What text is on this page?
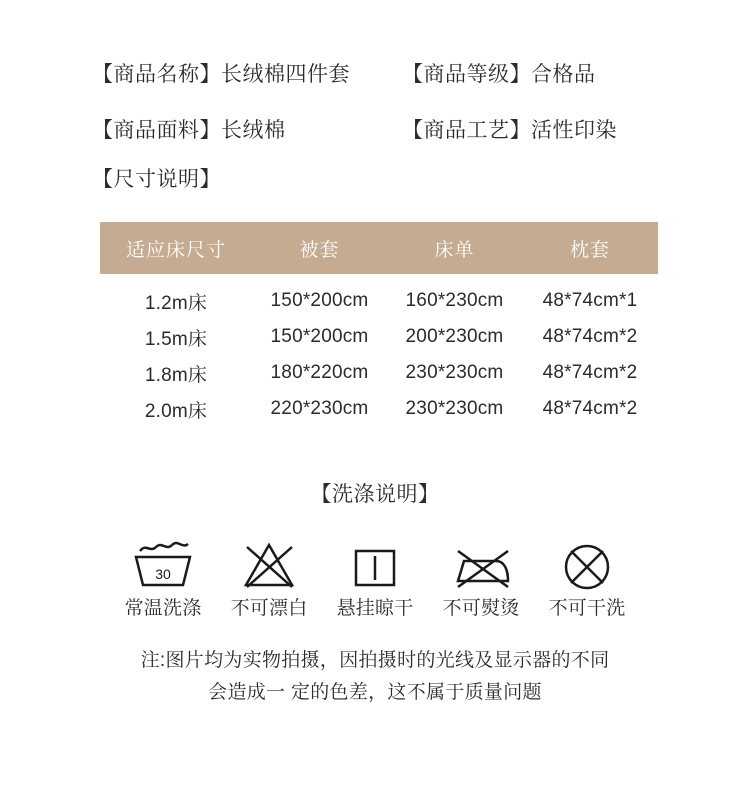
【商品名称】 长绒棉四件套 【商品等级】 合格品
【商品面料】 长绒棉	【商品工艺】 活性印染
【尺寸说明】
适应床尺寸	被套	床单	枕套
1.2m床	150*200cm	160*230cm	48*74cm*1
1.5m床	150*200cm	200*230cm	48*74cm*2
1.8m床	180*220cm	230*230cm	48*74cm*2
2.0m床	220*230cm	230*230cm	48*74cm*2
【洗涤说明】
30
常温洗涤 不可漂白 悬挂晾干 不可熨烫 不可干洗
注:图片均为实物拍摄，因拍摄时的光线及显示器的不同
会造成一 定的色差，这不属于质量问题
